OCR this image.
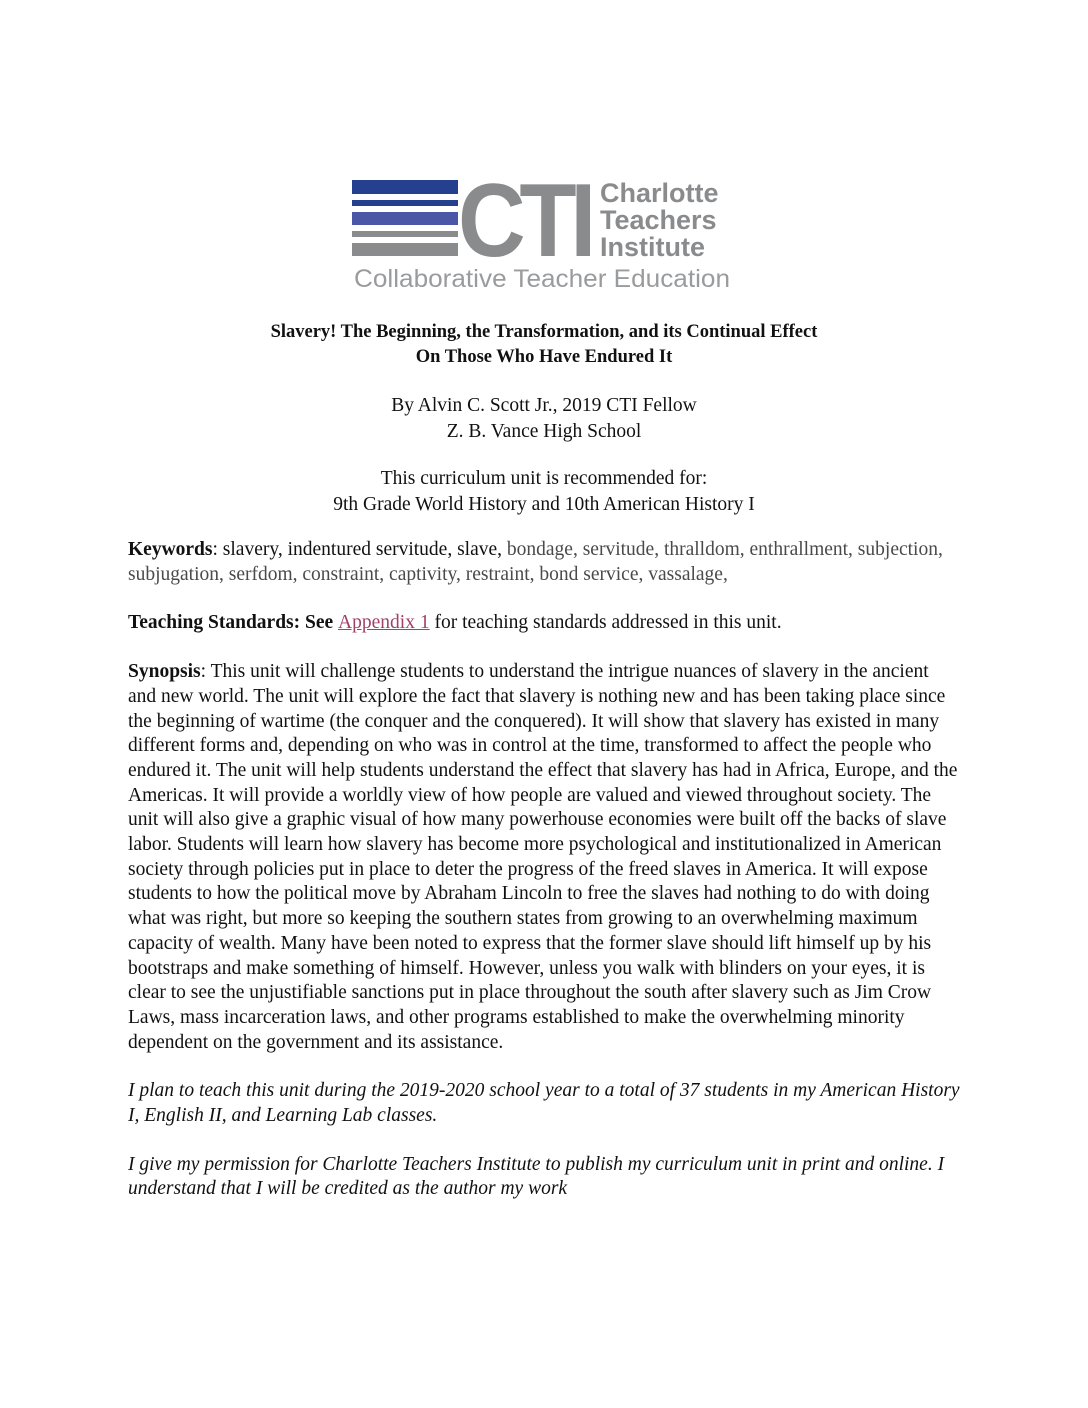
CTI Charlotte
Teachers
Institute
Collaborative Teacher Education
Slavery! The Beginning, the Transformation, and its Continual Effect
On Those Who Have Endured It
By Alvin C. Scott Jr., 2019 CTI Fellow
Z. B. Vance High School
This curriculum unit is recommended for:
9th Grade World History and 10th American History I

Keywords: slavery, indentured servitude, slave, bondage, servitude, thralldom, enthrallment, subjection, subjugation, serfdom, constraint, captivity, restraint, bond service, vassalage,

Teaching Standards: See Appendix 1 for teaching standards addressed in this unit.

Synopsis: This unit will challenge students to understand the intrigue nuances of slavery in the ancient and new world. The unit will explore the fact that slavery is nothing new and has been taking place since the beginning of wartime (the conquer and the conquered). It will show that slavery has existed in many different forms and, depending on who was in control at the time, transformed to affect the people who endured it. The unit will help students understand the effect that slavery has had in Africa, Europe, and the Americas. It will provide a worldly view of how people are valued and viewed throughout society. The unit will also give a graphic visual of how many powerhouse economies were built off the backs of slave labor. Students will learn how slavery has become more psychological and institutionalized in American society through policies put in place to deter the progress of the freed slaves in America. It will expose students to how the political move by Abraham Lincoln to free the slaves had nothing to do with doing what was right, but more so keeping the southern states from growing to an overwhelming maximum capacity of wealth. Many have been noted to express that the former slave should lift himself up by his bootstraps and make something of himself. However, unless you walk with blinders on your eyes, it is clear to see the unjustifiable sanctions put in place throughout the south after slavery such as Jim Crow Laws, mass incarceration laws, and other programs established to make the overwhelming minority dependent on the government and its assistance.

I plan to teach this unit during the 2019-2020 school year to a total of 37 students in my American History I, English II, and Learning Lab classes.

I give my permission for Charlotte Teachers Institute to publish my curriculum unit in print and online. I understand that I will be credited as the author my work
